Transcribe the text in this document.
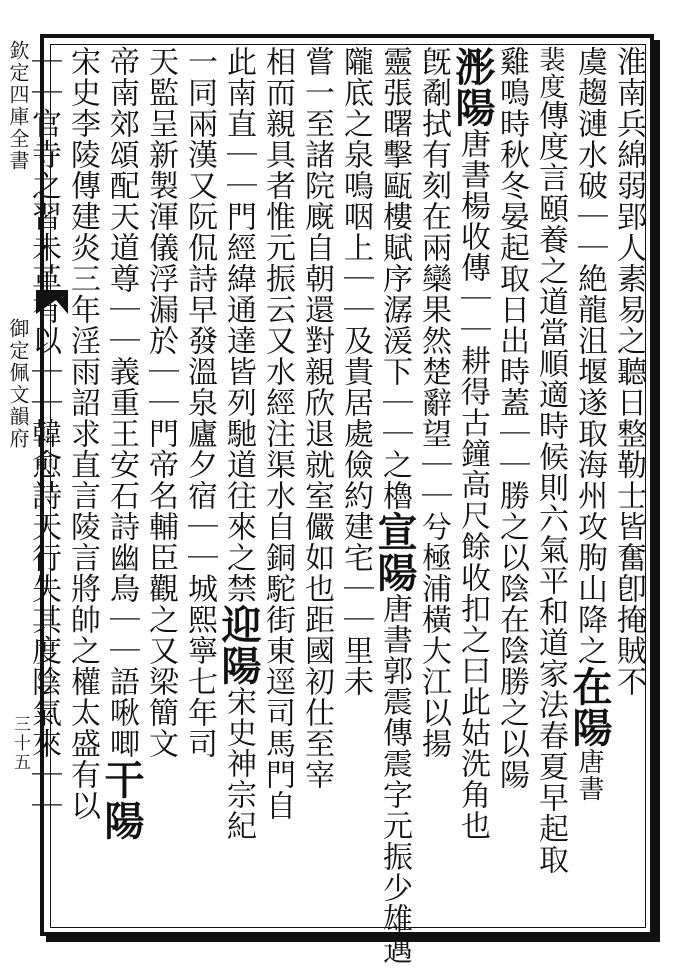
欽定四庫全書
御定佩文韻府
三十五
淮南兵綿弱郢人素易之聽日整勒士皆奮卽掩賊不
虞趨漣水破｜｜絶龍沮堰遂取海州攻朐山降之在陽唐書
裴度傳度言頤養之道當順適時候則六氣平和道家法春夏早起取
雞鳴時秋冬晏起取日出時蓋｜｜勝之以陰在陰勝之以陽
浵陽唐書楊收傳｜｜耕得古鐘高尺餘收扣之曰此姑洗角也
旣劀拭有刻在兩欒果然楚辭望｜｜兮極浦橫大江以揚
靈張曙擊甌樓賦序潺湲下｜｜之櫓宣陽唐書郭震傳震字元振少雄邁
隴底之泉鳴咽上｜｜及貴居處儉約建宅｜｜里未
嘗一至諸院廐自朝還對親欣退就室儼如也距國初仕至宰
相而親具者惟元振云又水經注渠水自銅駝街東逕司馬門自
此南直｜｜門經緯通達皆列馳道往來之禁迎陽宋史神宗紀
一同兩漢又阮侃詩早發溫泉廬夕宿｜｜城熙寧七年司
天監呈新製渾儀浮漏於｜｜門帝名輔臣觀之又梁簡文
帝南郊頌配天道尊｜｜義重王安石詩幽鳥｜｜語啾唧干陽
宋史李陵傳建炎三年淫雨詔求直言陵言將帥之權太盛有以
｜｜官寺之習未革有以｜｜韓愈詩天行失其度陰氣來｜｜
